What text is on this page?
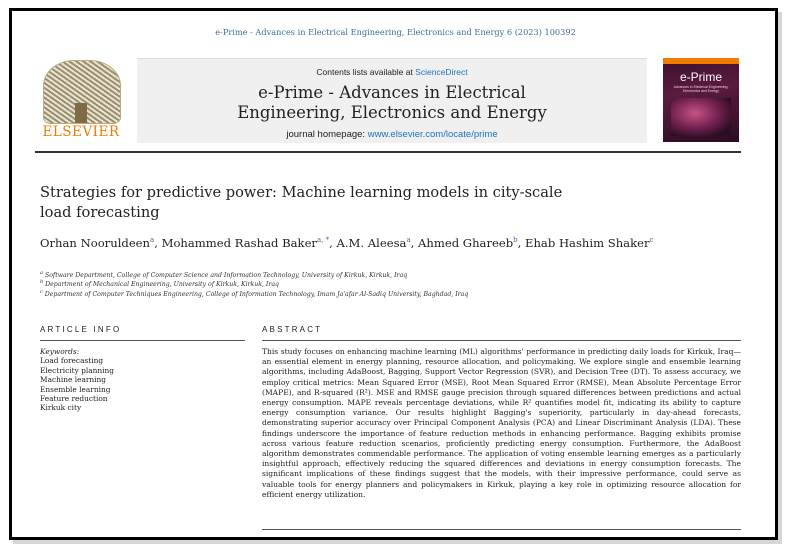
e-Prime - Advances in Electrical Engineering, Electronics and Energy 6 (2023) 100392
ELSEVIER
Contents lists available at ScienceDirect
e-Prime - Advances in Electrical
Engineering, Electronics and Energy
journal homepage: www.elsevier.com/locate/prime
e-Prime
Advances in Electrical Engineering, Electronics and Energy
Strategies for predictive power: Machine learning models in city-scale
load forecasting
Orhan Nooruldeen$^a$, Mohammed Rashad Baker$^{a, *}$, A.M. Aleesa$^a$, Ahmed Ghareeb$^b$, Ehab Hashim Shaker$^c$
$^a$ Software Department, College of Computer Science and Information Technology, University of Kirkuk, Kirkuk, Iraq
$^b$ Department of Mechanical Engineering, University of Kirkuk, Kirkuk, Iraq
$^c$ Department of Computer Techniques Engineering, College of Information Technology, Imam Ja'afar Al-Sadiq University, Baghdad, Iraq
ARTICLE INFO	ABSTRACT
Keywords:
Load forecasting
Electricity planning
Machine learning
Ensemble learning
Feature reduction
Kirkuk city

This study focuses on enhancing machine learning (ML) algorithms' performance in predicting daily loads for Kirkuk, Iraq—an essential element in energy planning, resource allocation, and policymaking. We explore single and ensemble learning algorithms, including AdaBoost, Bagging, Support Vector Regression (SVR), and Decision Tree (DT). To assess accuracy, we employ critical metrics: Mean Squared Error (MSE), Root Mean Squared Error (RMSE), Mean Absolute Percentage Error (MAPE), and R-squared (R²). MSE and RMSE gauge precision through squared differences between predictions and actual energy consumption. MAPE reveals percentage deviations, while R² quantifies model fit, indicating its ability to capture energy consumption variance. Our results highlight Bagging's superiority, particularly in day-ahead forecasts, demonstrating superior accuracy over Principal Component Analysis (PCA) and Linear Discriminant Analysis (LDA). These findings underscore the importance of feature reduction methods in enhancing performance. Bagging exhibits promise across various feature reduction scenarios, proficiently predicting energy consumption. Furthermore, the AdaBoost algorithm demonstrates commendable performance. The application of voting ensemble learning emerges as a particularly insightful approach, effectively reducing the squared differences and deviations in energy consumption forecasts. The significant implications of these findings suggest that the models, with their impressive performance, could serve as valuable tools for energy planners and policymakers in Kirkuk, playing a key role in optimizing resource allocation for efficient energy utilization.
